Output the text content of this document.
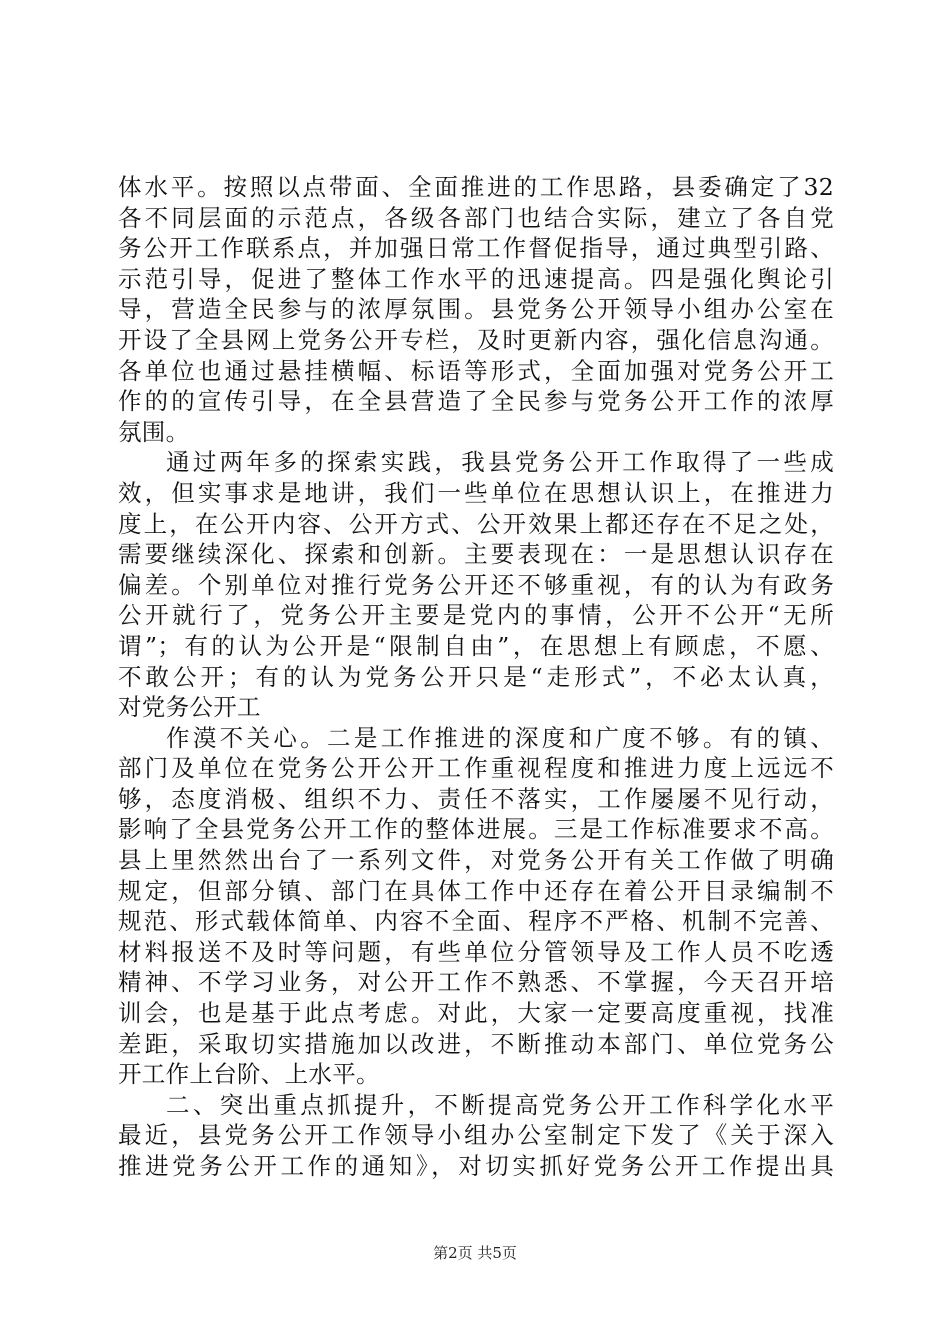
体水平。按照以点带面、全面推进的工作思路，县委确定了32
各不同层面的示范点，各级各部门也结合实际，建立了各自党
务公开工作联系点，并加强日常工作督促指导，通过典型引路、
示范引导，促进了整体工作水平的迅速提高。四是强化舆论引
导，营造全民参与的浓厚氛围。县党务公开领导小组办公室在
开设了全县网上党务公开专栏，及时更新内容，强化信息沟通。
各单位也通过悬挂横幅、标语等形式，全面加强对党务公开工
作的的宣传引导，在全县营造了全民参与党务公开工作的浓厚
氛围。
通过两年多的探索实践，我县党务公开工作取得了一些成
效，但实事求是地讲，我们一些单位在思想认识上，在推进力
度上，在公开内容、公开方式、公开效果上都还存在不足之处，
需要继续深化、探索和创新。主要表现在：一是思想认识存在
偏差。个别单位对推行党务公开还不够重视，有的认为有政务
公开就行了，党务公开主要是党内的事情，公开不公开“无所
谓”；有的认为公开是“限制自由”，在思想上有顾虑，不愿、
不敢公开；有的认为党务公开只是“走形式”，不必太认真，
对党务公开工
作漠不关心。二是工作推进的深度和广度不够。有的镇、
部门及单位在党务公开公开工作重视程度和推进力度上远远不
够，态度消极、组织不力、责任不落实，工作屡屡不见行动，
影响了全县党务公开工作的整体进展。三是工作标准要求不高。
县上里然然出台了一系列文件，对党务公开有关工作做了明确
规定，但部分镇、部门在具体工作中还存在着公开目录编制不
规范、形式载体简单、内容不全面、程序不严格、机制不完善、
材料报送不及时等问题，有些单位分管领导及工作人员不吃透
精神、不学习业务，对公开工作不熟悉、不掌握，今天召开培
训会，也是基于此点考虑。对此，大家一定要高度重视，找准
差距，采取切实措施加以改进，不断推动本部门、单位党务公
开工作上台阶、上水平。
二、突出重点抓提升，不断提高党务公开工作科学化水平
最近，县党务公开工作领导小组办公室制定下发了《关于深入
推进党务公开工作的通知》，对切实抓好党务公开工作提出具
第2页 共5页
